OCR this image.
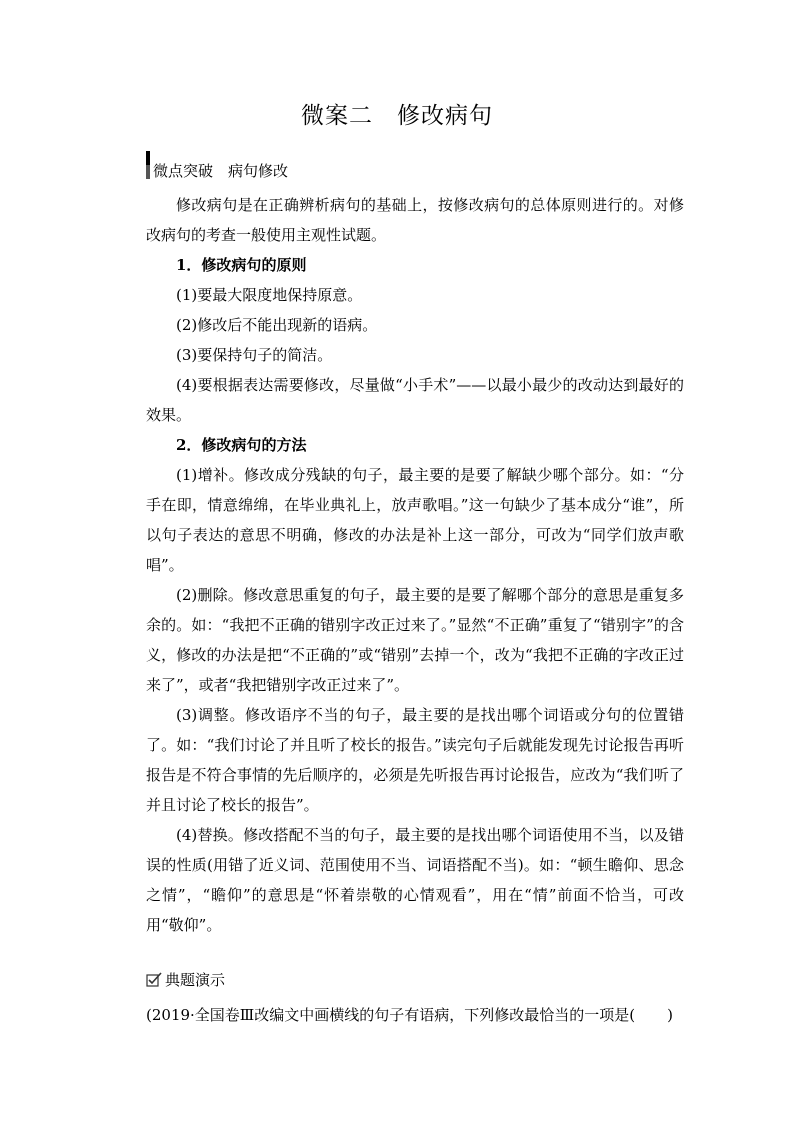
微案二　修改病句
微点突破　病句修改

修改病句是在正确辨析病句的基础上，按修改病句的总体原则进行的。对修改病句的考查一般使用主观性试题。

1．修改病句的原则

(1)要最大限度地保持原意。

(2)修改后不能出现新的语病。

(3)要保持句子的简洁。

(4)要根据表达需要修改，尽量做“小手术”——以最小最少的改动达到最好的效果。

2．修改病句的方法

(1)增补。修改成分残缺的句子，最主要的是要了解缺少哪个部分。如：“分手在即，情意绵绵，在毕业典礼上，放声歌唱。”这一句缺少了基本成分“谁”，所以句子表达的意思不明确，修改的办法是补上这一部分，可改为“同学们放声歌唱”。

(2)删除。修改意思重复的句子，最主要的是要了解哪个部分的意思是重复多余的。如：“我把不正确的错别字改正过来了。”显然“不正确”重复了“错别字”的含义，修改的办法是把“不正确的”或“错别”去掉一个，改为“我把不正确的字改正过来了”，或者“我把错别字改正过来了”。

(3)调整。修改语序不当的句子，最主要的是找出哪个词语或分句的位置错了。如：“我们讨论了并且听了校长的报告。”读完句子后就能发现先讨论报告再听报告是不符合事情的先后顺序的，必须是先听报告再讨论报告，应改为“我们听了并且讨论了校长的报告”。

(4)替换。修改搭配不当的句子，最主要的是找出哪个词语使用不当，以及错误的性质(用错了近义词、范围使用不当、词语搭配不当)。如：“顿生瞻仰、思念之情”，“瞻仰”的意思是“怀着崇敬的心情观看”，用在“情”前面不恰当，可改用“敬仰”。

典题演示
(2019·全国卷Ⅲ改编文中画横线的句子有语病，下列修改最恰当的一项是( )
